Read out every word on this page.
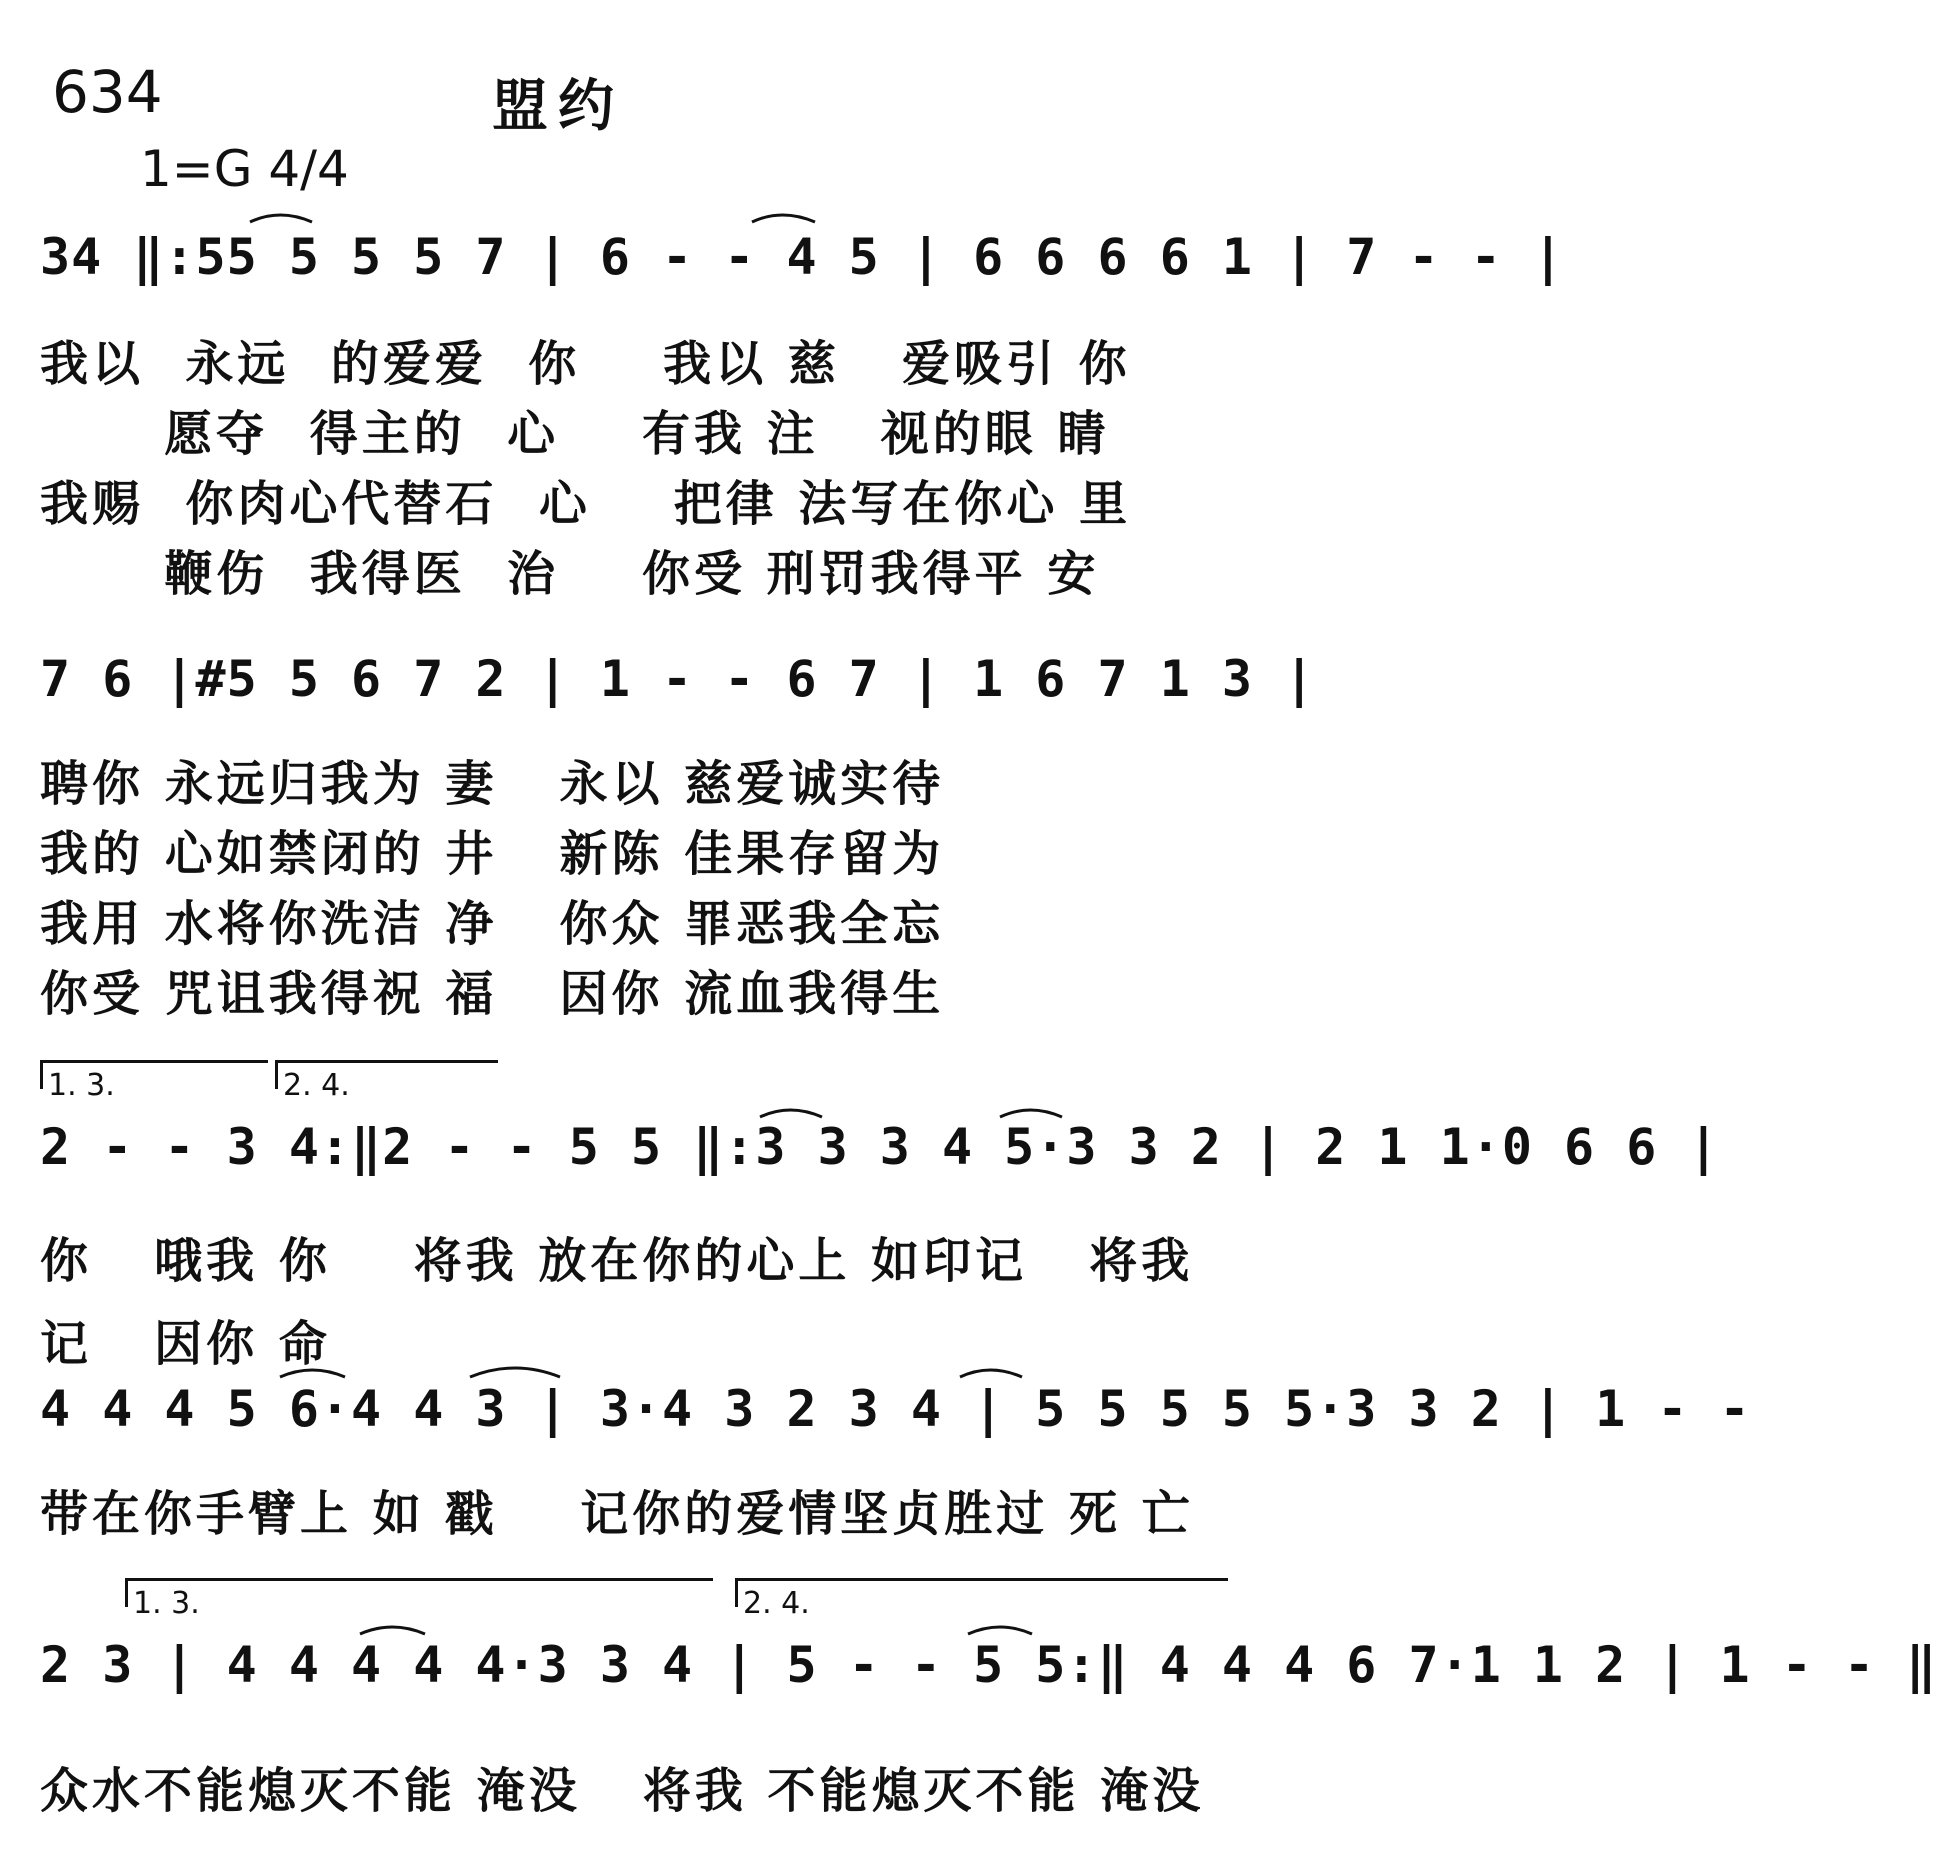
634	盟约
1=G 4/4
34 ‖:55 5 5 5 7 | 6 - - 4 5 | 6 6 6 6 1 | 7 - - |
我以  永远  的爱爱  你    我以 慈   爱吸引 你
愿夺  得主的  心    有我 注   视的眼 睛
我赐  你肉心代替石  心    把律 法写在你心 里
鞭伤  我得医  治    你受 刑罚我得平 安
7 6 |#5 5 6 7 2 | 1 - - 6 7 | 1 6 7 1 3 |
聘你 永远归我为 妻   永以 慈爱诚实待
我的 心如禁闭的 井   新陈 佳果存留为
我用 水将你洗洁 净   你众 罪恶我全忘
你受 咒诅我得祝 福   因你 流血我得生
1. 3.	2. 4.
2 - - 3 4:‖2 - - 5 5 ‖:3 3 3 4 5·3 3 2 | 2 1 1·0 6 6 |
你   哦我 你    将我 放在你的心上 如印记   将我
记   因你 命
4 4 4 5 6·4 4 3 | 3·4 3 2 3 4 | 5 5 5 5 5·3 3 2 | 1 - -
带在你手臂上 如 戳    记你的爱情坚贞胜过 死 亡
1. 3.	2. 4.
2 3 | 4 4 4 4 4·3 3 4 | 5 - - 5 5:‖ 4 4 4 6 7·1 1 2 | 1 - - ‖
众水不能熄灭不能 淹没   将我 不能熄灭不能 淹没
